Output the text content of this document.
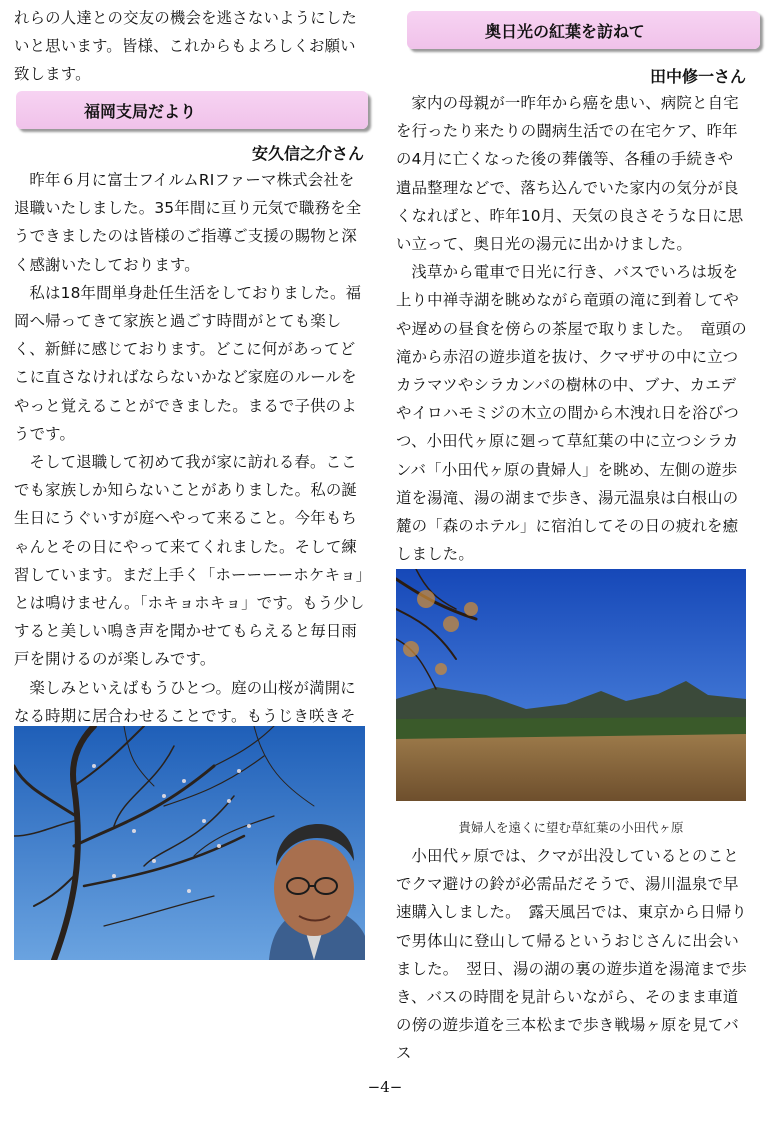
れらの人達との交友の機会を逃さないようにしたいと思います。皆様、これからもよろしくお願い致します。

福岡支局だより
安久信之介さん

昨年６月に富士フイルムRIファーマ株式会社を退職いたしました。35年間に亘り元気で職務を全うできましたのは皆様のご指導ご支援の賜物と深く感謝いたしております。

私は18年間単身赴任生活をしておりました。福岡へ帰ってきて家族と過ごす時間がとても楽しく、新鮮に感じております。どこに何があってどこに直さなければならないかなど家庭のルールをやっと覚えることができました。まるで子供のようです。

そして退職して初めて我が家に訪れる春。ここでも家族しか知らないことがありました。私の誕生日にうぐいすが庭へやって来ること。今年もちゃんとその日にやって来てくれました。そして練習しています。まだ上手く「ホーーーーホケキョ」とは鳴けません。「ホキョホキョ」です。もう少しすると美しい鳴き声を聞かせてもらえると毎日雨戸を開けるのが楽しみです。

楽しみといえばもうひとつ。庭の山桜が満開になる時期に居合わせることです。もうじき咲きそ

奥日光の紅葉を訪ねて
田中修一さん

家内の母親が一昨年から癌を患い、病院と自宅を行ったり来たりの闘病生活での在宅ケア、昨年の4月に亡くなった後の葬儀等、各種の手続きや遺品整理などで、落ち込んでいた家内の気分が良くなればと、昨年10月、天気の良さそうな日に思い立って、奥日光の湯元に出かけました。

浅草から電車で日光に行き、バスでいろは坂を上り中禅寺湖を眺めながら竜頭の滝に到着してやや遅めの昼食を傍らの茶屋で取りました。　竜頭の滝から赤沼の遊歩道を抜け、クマザサの中に立つカラマツやシラカンバの樹林の中、ブナ、カエデやイロハモミジの木立の間から木洩れ日を浴びつつ、小田代ヶ原に廻って草紅葉の中に立つシラカンバ「小田代ヶ原の貴婦人」を眺め、左側の遊歩道を湯滝、湯の湖まで歩き、湯元温泉は白根山の麓の「森のホテル」に宿泊してその日の疲れを癒しました。

貴婦人を遠くに望む草紅葉の小田代ヶ原

小田代ヶ原では、クマが出没しているとのことでクマ避けの鈴が必需品だそうで、湯川温泉で早速購入しました。　露天風呂では、東京から日帰りで男体山に登山して帰るというおじさんに出会いました。　翌日、湯の湖の裏の遊歩道を湯滝まで歩き、バスの時間を見計らいながら、そのまま車道の傍の遊歩道を三本松まで歩き戦場ヶ原を見てバス

−4−
